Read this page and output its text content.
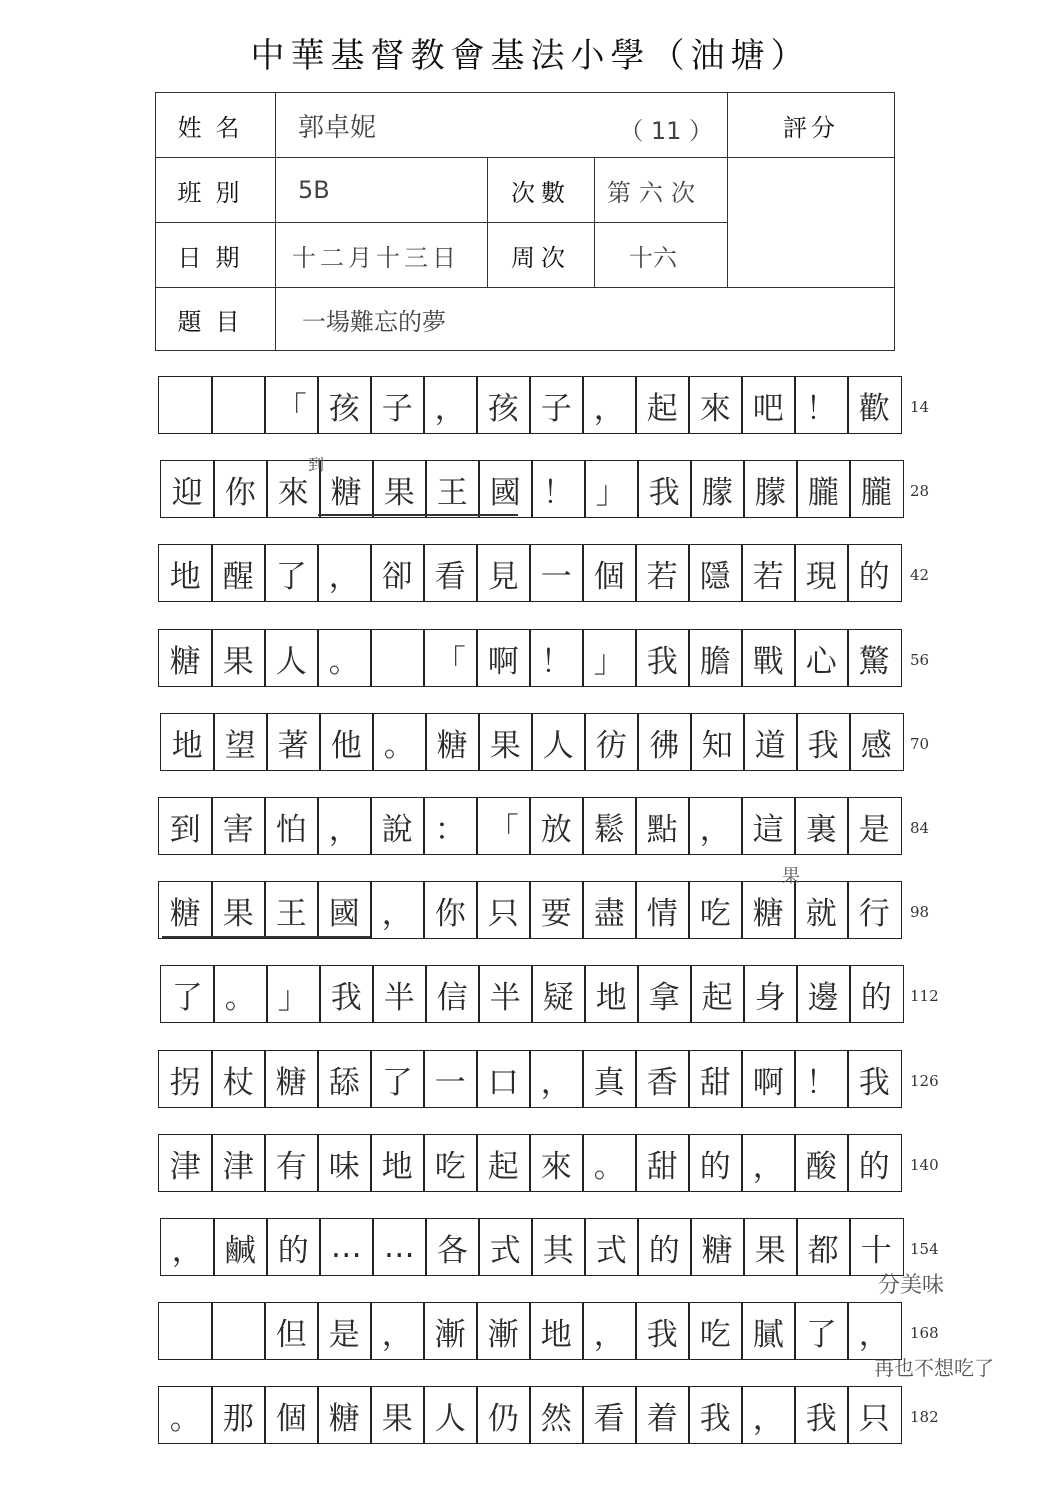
中華基督教會基法小學（油塘）
姓名	郭卓妮 （ 11 ）			評分
班別	5B	次數	第六次	
日期	十二月十三日	周次	十六	
題目	一場難忘的夢			
「 孩 子 ， 孩 子 ， 起 來 吧 ！ 歡	14
迎 你 來 糖 果 王 國 ！ 」 我 朦 朦 朧 朧	28
地 醒 了 ， 卻 看 見 一 個 若 隱 若 現 的	42
糖 果 人 。	「 啊 ！ 」 我 膽 戰 心 驚	56
地 望 著 他 。 糖 果 人 彷 彿 知 道 我 感	70
到 害 怕 ， 說 ： 「 放 鬆 點 ， 這 裏 是	84
糖 果 王 國 ， 你 只 要 盡 情 吃 糖 就 行	98
了 。 」 我 半 信 半 疑 地 拿 起 身 邊 的	112
拐 杖 糖 舔 了 一 口 ， 真 香 甜 啊 ！ 我	126
津 津 有 味 地 吃 起 來 。 甜 的 ， 酸 的	140
， 鹹 的 … … 各 式 其 式 的 糖 果 都 十	154
但 是 ， 漸 漸 地 ， 我 吃 膩 了 ，	168
。 那 個 糖 果 人 仍 然 看 着 我 ， 我 只	182
到
果
分美味
再也不想吃了
